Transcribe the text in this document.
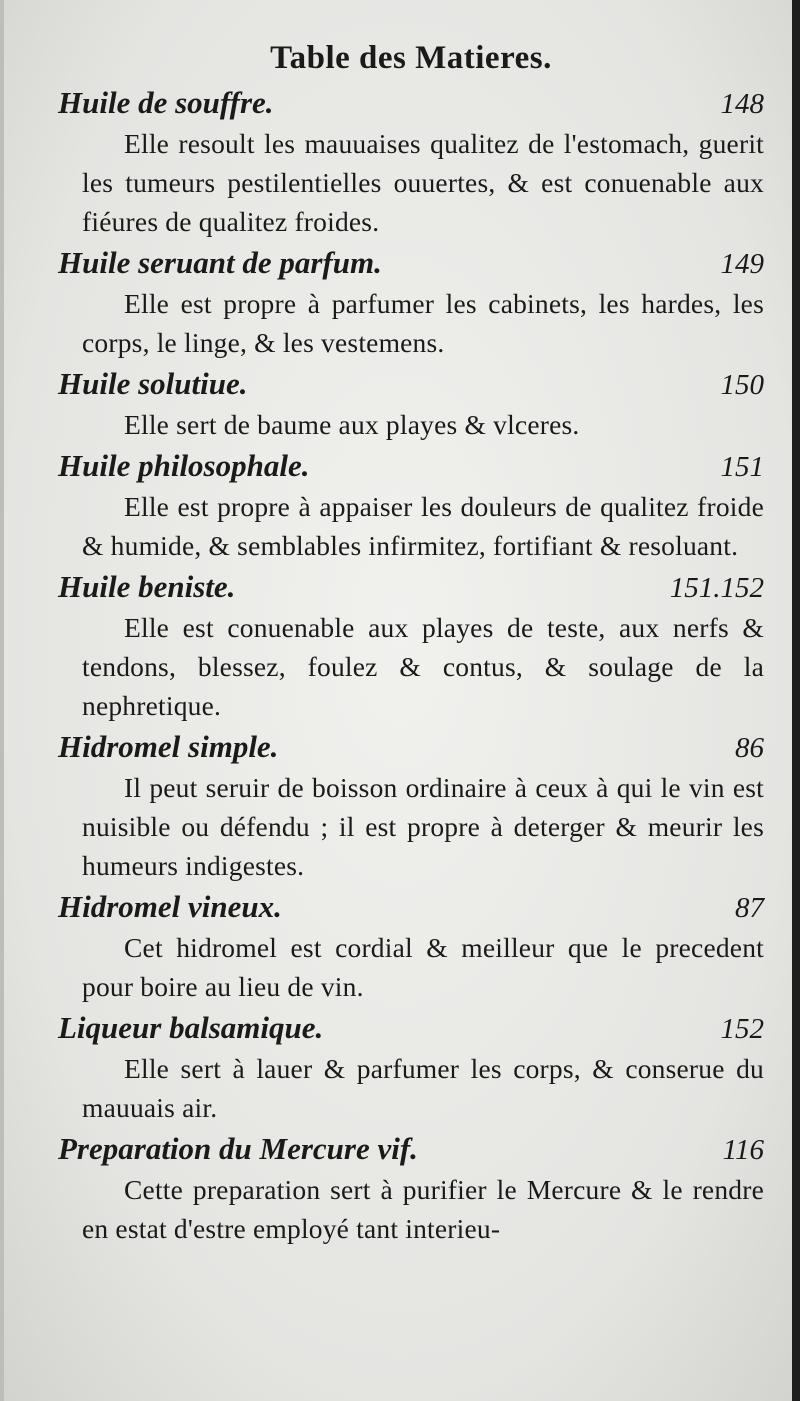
Table des Matieres.
Huile de souffre.	148

Elle resoult les mauuaises qualitez de l'estomach, guerit les tumeurs pestilentielles ouuertes, & est conuenable aux fiéures de qualitez froides.

Huile seruant de parfum.	149

Elle est propre à parfumer les cabinets, les hardes, les corps, le linge, & les vestemens.

Huile solutiue.	150

Elle sert de baume aux playes & vlceres.

Huile philosophale.	151

Elle est propre à appaiser les douleurs de qualitez froide & humide, & semblables infirmitez, fortifiant & resoluant.

Huile beniste.	151.152

Elle est conuenable aux playes de teste, aux nerfs & tendons, blessez, foulez & contus, & soulage de la nephretique.

Hidromel simple.	86

Il peut seruir de boisson ordinaire à ceux à qui le vin est nuisible ou défendu ; il est propre à deterger & meurir les humeurs indigestes.

Hidromel vineux.	87

Cet hidromel est cordial & meilleur que le precedent pour boire au lieu de vin.

Liqueur balsamique.	152

Elle sert à lauer & parfumer les corps, & conserue du mauuais air.

Preparation du Mercure vif.	116

Cette preparation sert à purifier le Mercure & le rendre en estat d'estre employé tant interieu-
